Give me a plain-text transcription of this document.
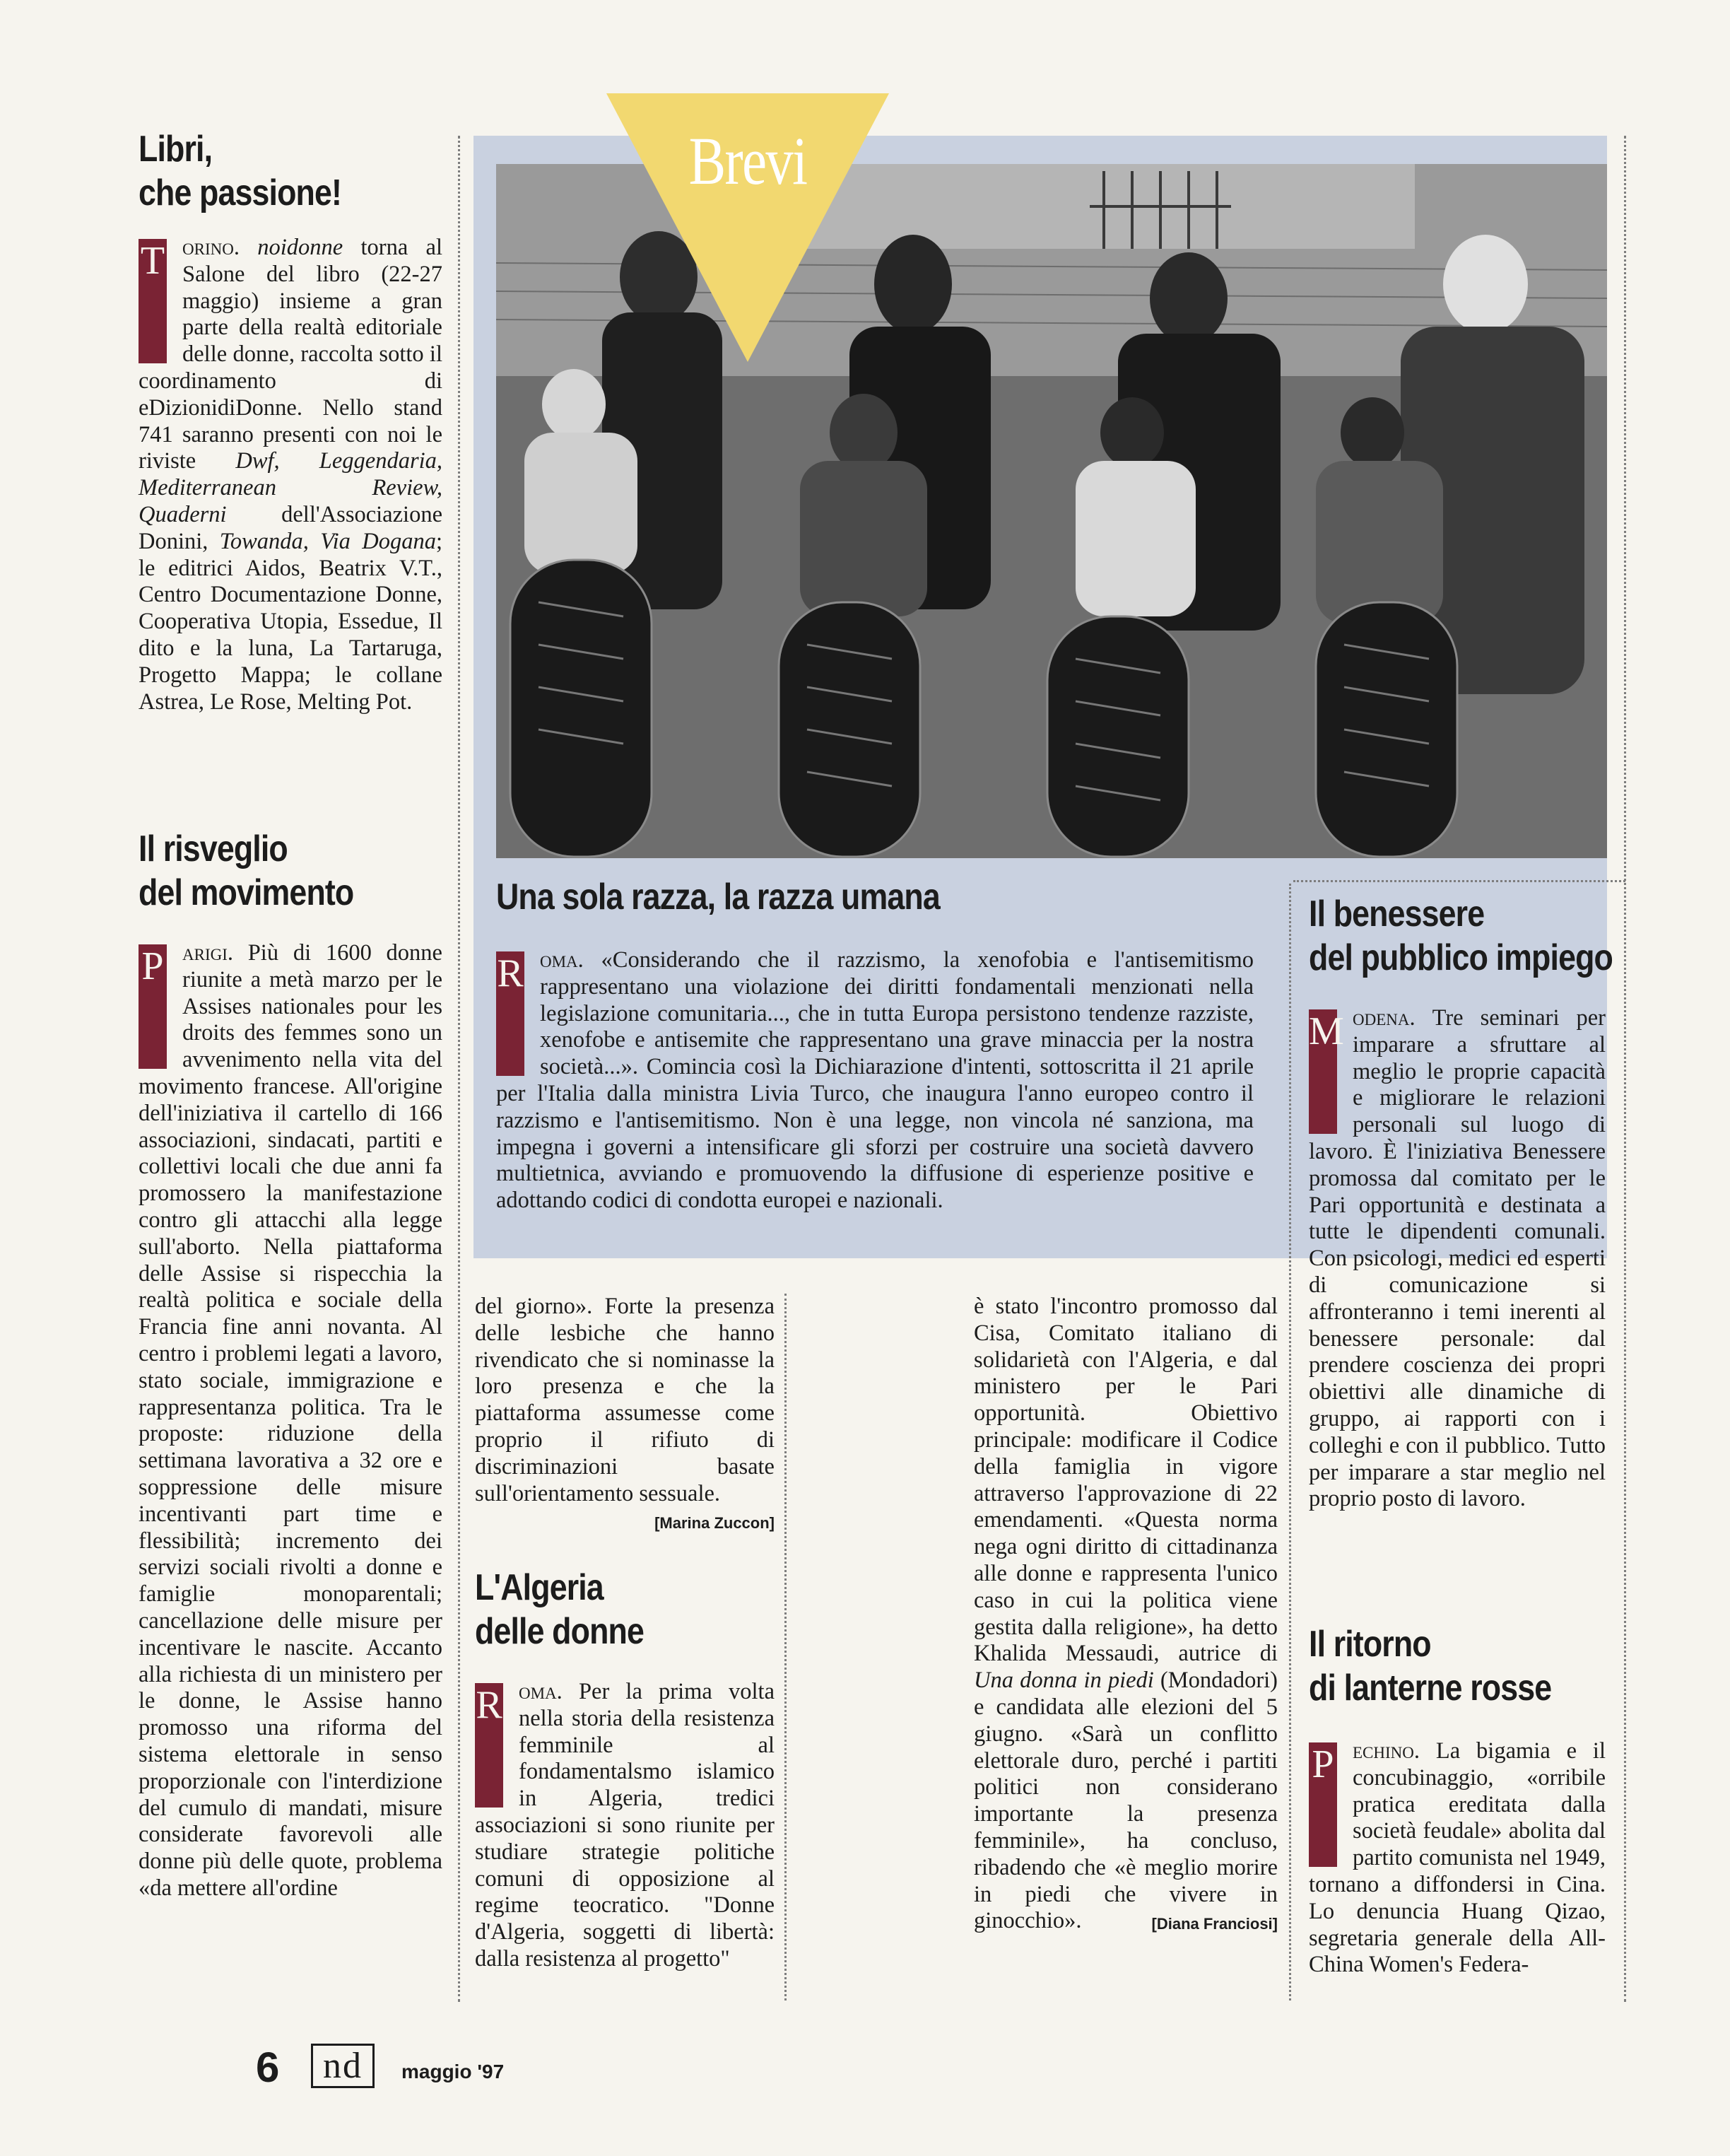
Brevi
Libri,
che passione!

T orino. noidonne torna al Salone del libro (22-27 maggio) insieme a gran parte della realtà editoriale delle donne, raccolta sotto il coordinamento di eDizionidiDonne. Nello stand 741 saranno presenti con noi le riviste Dwf, Leggendaria, Mediterranean Review, Quaderni dell'Associazione Donini, Towanda, Via Dogana; le editrici Aidos, Beatrix V.T., Centro Documentazione Donne, Cooperativa Utopia, Essedue, Il dito e la luna, La Tartaruga, Progetto Mappa; le collane Astrea, Le Rose, Melting Pot.

Il risveglio
del movimento

P arigi. Più di 1600 donne riunite a metà marzo per le Assises nationales pour les droits des femmes sono un avvenimento nella vita del movimento francese. All'origine dell'iniziativa il cartello di 166 associazioni, sindacati, partiti e collettivi locali che due anni fa promossero la manifestazione contro gli attacchi alla legge sull'aborto. Nella piattaforma delle Assise si rispecchia la realtà politica e sociale della Francia fine anni novanta. Al centro i problemi legati a lavoro, stato sociale, immigrazione e rappresentanza politica. Tra le proposte: riduzione della settimana lavorativa a 32 ore e soppressione delle misure incentivanti part time e flessibilità; incremento dei servizi sociali rivolti a donne e famiglie monoparentali; cancellazione delle misure per incentivare le nascite. Accanto alla richiesta di un ministero per le donne, le Assise hanno promosso una riforma del sistema elettorale in senso proporzionale con l'interdizione del cumulo di mandati, misure considerate favorevoli alle donne più delle quote, problema «da mettere all'ordine

Una sola razza, la razza umana

R oma. «Considerando che il razzismo, la xenofobia e l'antisemitismo rappresentano una violazione dei diritti fondamentali menzionati nella legislazione comunitaria..., che in tutta Europa persistono tendenze razziste, xenofobe e antisemite che rappresentano una grave minaccia per la nostra società...». Comincia così la Dichiarazione d'intenti, sottoscritta il 21 aprile per l'Italia dalla ministra Livia Turco, che inaugura l'anno europeo contro il razzismo e l'antisemitismo. Non è una legge, non vincola né sanziona, ma impegna i governi a intensificare gli sforzi per costruire una società davvero multietnica, avviando e promuovendo la diffusione di esperienze positive e adottando codici di condotta europei e nazionali.

del giorno». Forte la presenza delle lesbiche che hanno rivendicato che si nominasse la loro presenza e che la piattaforma assumesse come proprio il rifiuto di discriminazioni basate sull'orientamento sessuale.
[Marina Zuccon]

L'Algeria
delle donne

R oma. Per la prima volta nella storia della resistenza femminile al fondamentalsmo islamico in Algeria, tredici associazioni si sono riunite per studiare strategie politiche comuni di opposizione al regime teocratico. "Donne d'Algeria, soggetti di libertà: dalla resistenza al progetto"

è stato l'incontro promosso dal Cisa, Comitato italiano di solidarietà con l'Algeria, e dal ministero per le Pari opportunità. Obiettivo principale: modificare il Codice della famiglia in vigore attraverso l'approvazione di 22 emendamenti. «Questa norma nega ogni diritto di cittadinanza alle donne e rappresenta l'unico caso in cui la politica viene gestita dalla religione», ha detto Khalida Messaudi, autrice di Una donna in piedi (Mondadori) e candidata alle elezioni del 5 giugno. «Sarà un conflitto elettorale duro, perché i partiti politici non considerano importante la presenza femminile», ha concluso, ribadendo che «è meglio morire in piedi che vivere in ginocchio».	[Diana Franciosi]

Il benessere
del pubblico impiego

M odena. Tre seminari per imparare a sfruttare al meglio le proprie capacità e migliorare le relazioni personali sul luogo di lavoro. È l'iniziativa Benessere promossa dal comitato per le Pari opportunità e destinata a tutte le dipendenti comunali. Con psicologi, medici ed esperti di comunicazione si affronteranno i temi inerenti al benessere personale: dal prendere coscienza dei propri obiettivi alle dinamiche di gruppo, ai rapporti con i colleghi e con il pubblico. Tutto per imparare a star meglio nel proprio posto di lavoro.

Il ritorno
di lanterne rosse

P echino. La bigamia e il concubinaggio, «orribile pratica ereditata dalla società feudale» abolita dal partito comunista nel 1949, tornano a diffondersi in Cina. Lo denuncia Huang Qizao, segretaria generale della All-China Women's Federa-

6	nd	maggio '97
